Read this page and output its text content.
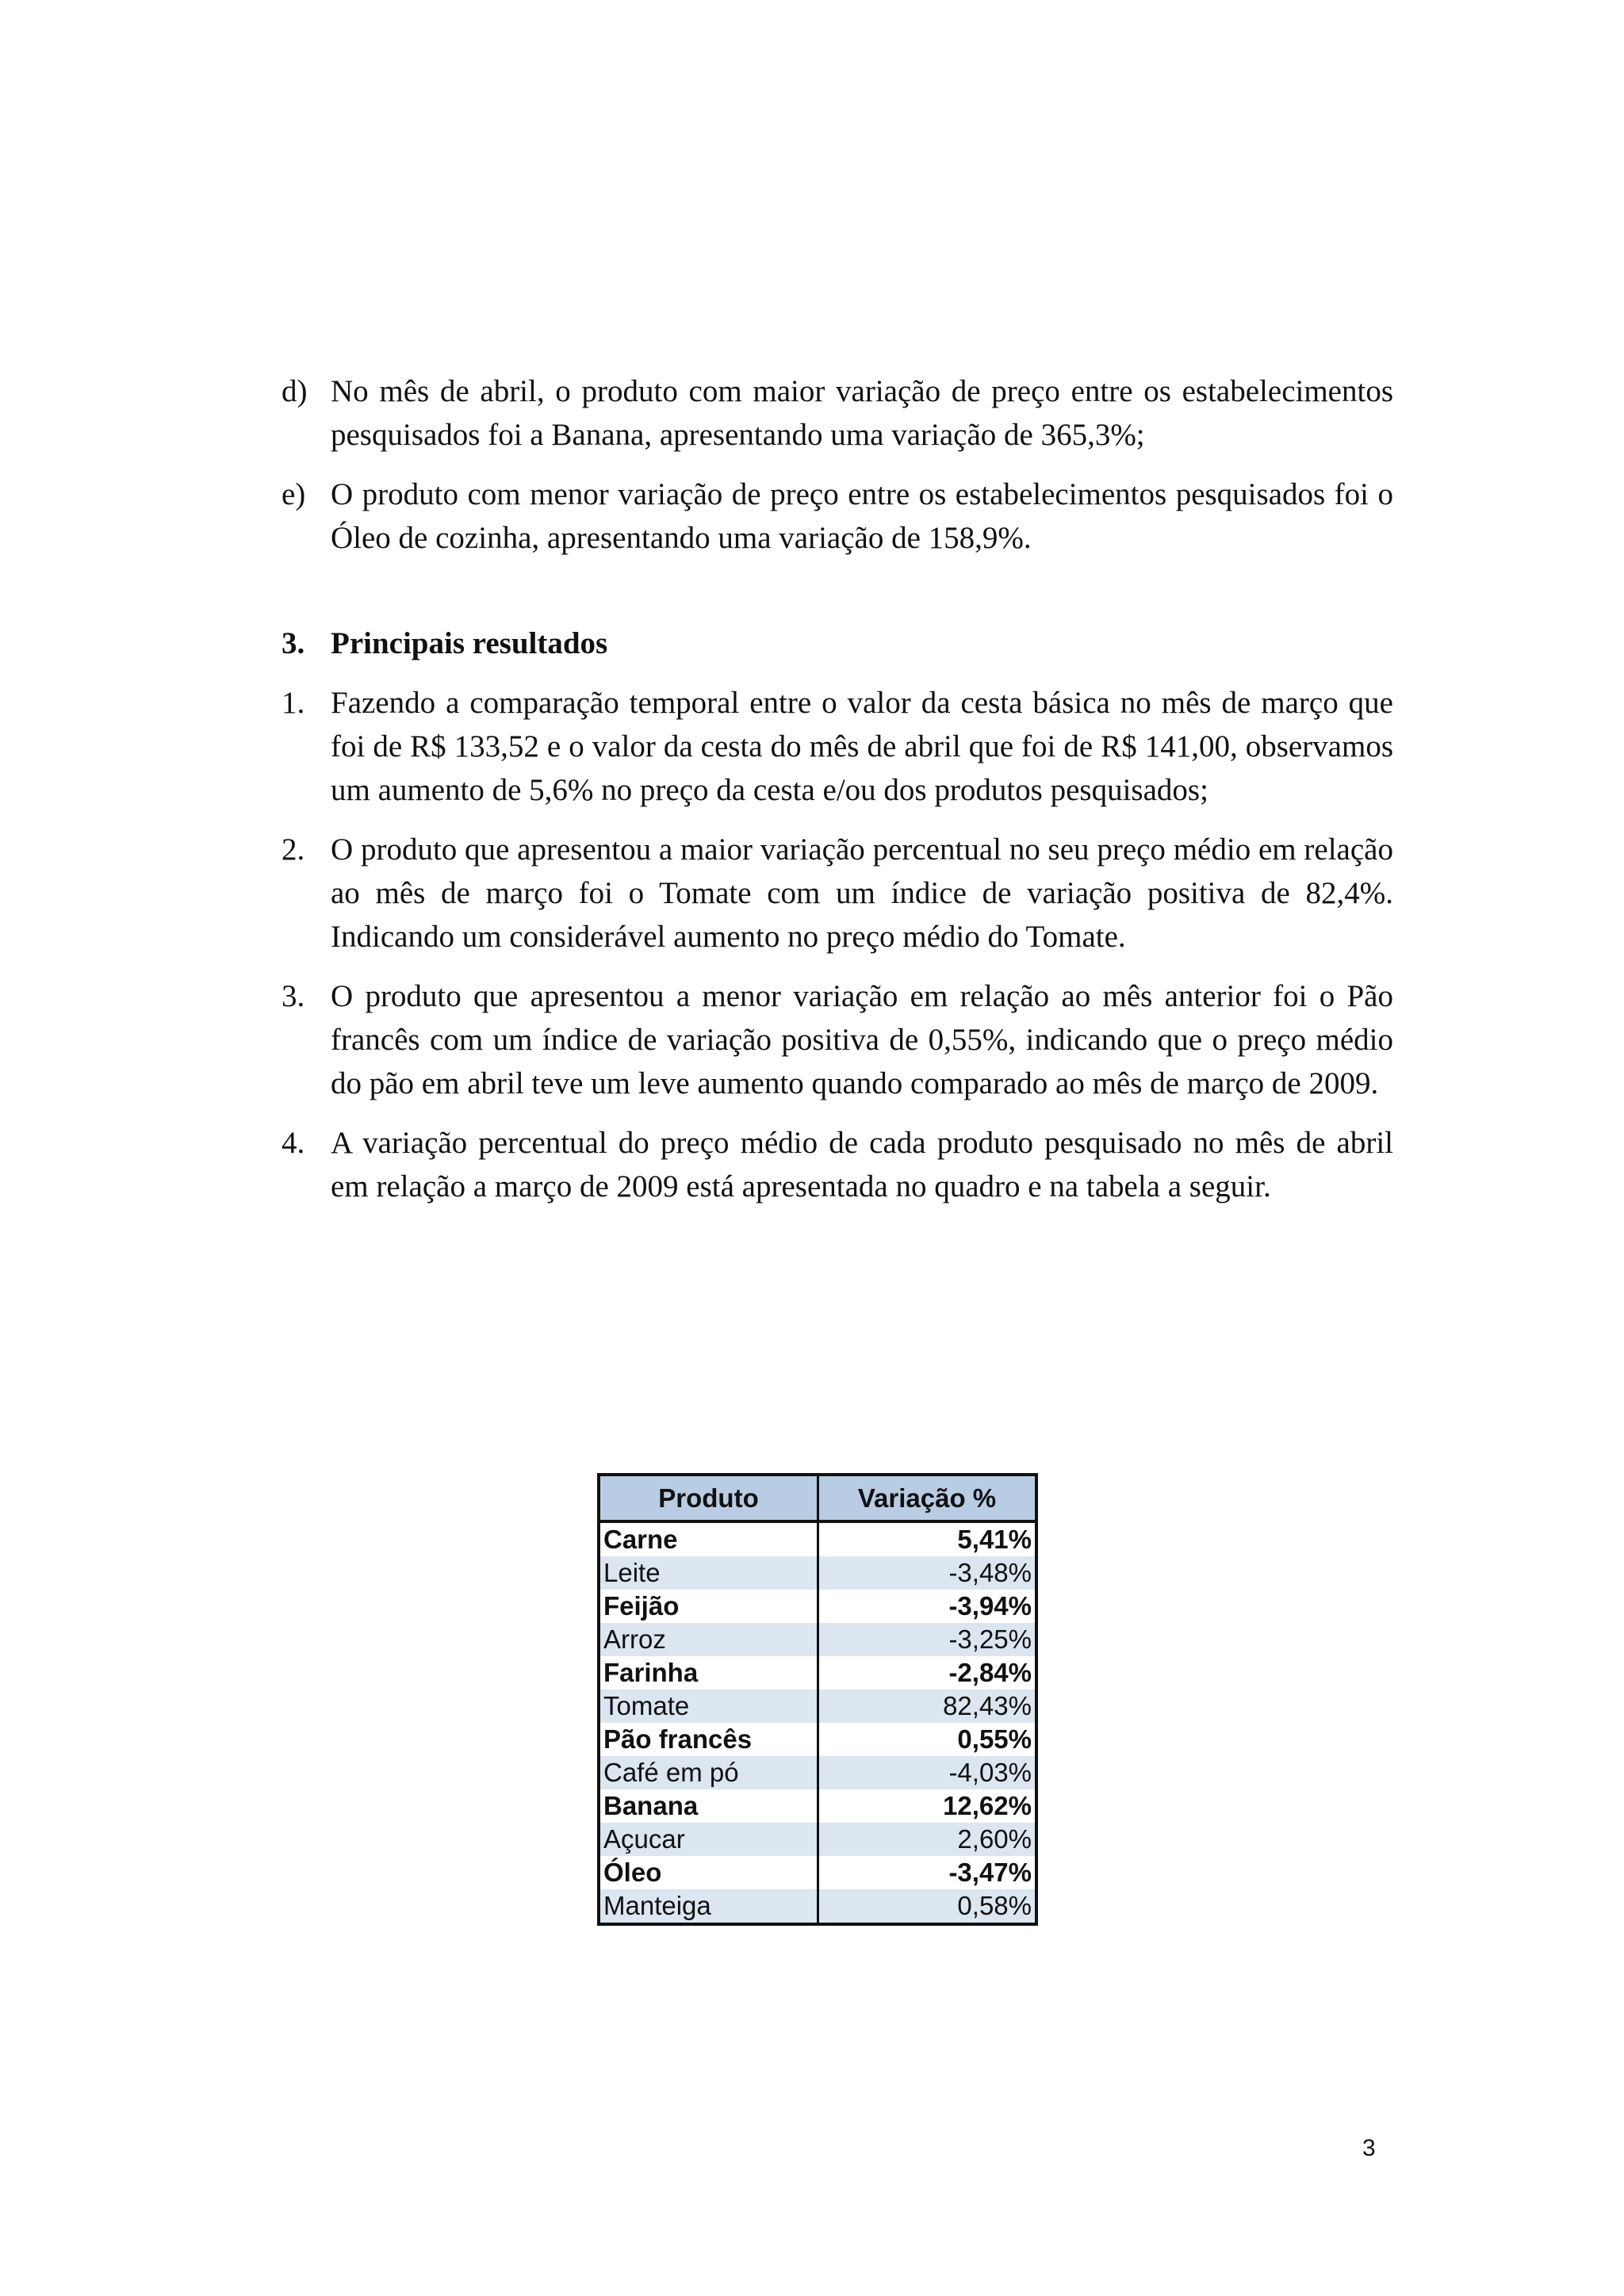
d) No mês de abril, o produto com maior variação de preço entre os estabelecimentos pesquisados foi a Banana, apresentando uma variação de 365,3%;
e) O produto com menor variação de preço entre os estabelecimentos pesquisados foi o Óleo de cozinha, apresentando uma variação de 158,9%.
3. Principais resultados
1. Fazendo a comparação temporal entre o valor da cesta básica no mês de março que foi de R$ 133,52 e o valor da cesta do mês de abril que foi de R$ 141,00, observamos um aumento de 5,6% no preço da cesta e/ou dos produtos pesquisados;
2. O produto que apresentou a maior variação percentual no seu preço médio em relação ao mês de março foi o Tomate com um índice de variação positiva de 82,4%. Indicando um considerável aumento no preço médio do Tomate.
3. O produto que apresentou a menor variação em relação ao mês anterior foi o Pão francês com um índice de variação positiva de 0,55%, indicando que o preço médio do pão em abril teve um leve aumento quando comparado ao mês de março de 2009.
4. A variação percentual do preço médio de cada produto pesquisado no mês de abril em relação a março de 2009 está apresentada no quadro e na tabela a seguir.
Produto	Variação %
Carne	5,41%
Leite	-3,48%
Feijão	-3,94%
Arroz	-3,25%
Farinha	-2,84%
Tomate	82,43%
Pão francês	0,55%
Café em pó	-4,03%
Banana	12,62%
Açucar	2,60%
Óleo	-3,47%
Manteiga	0,58%
3
